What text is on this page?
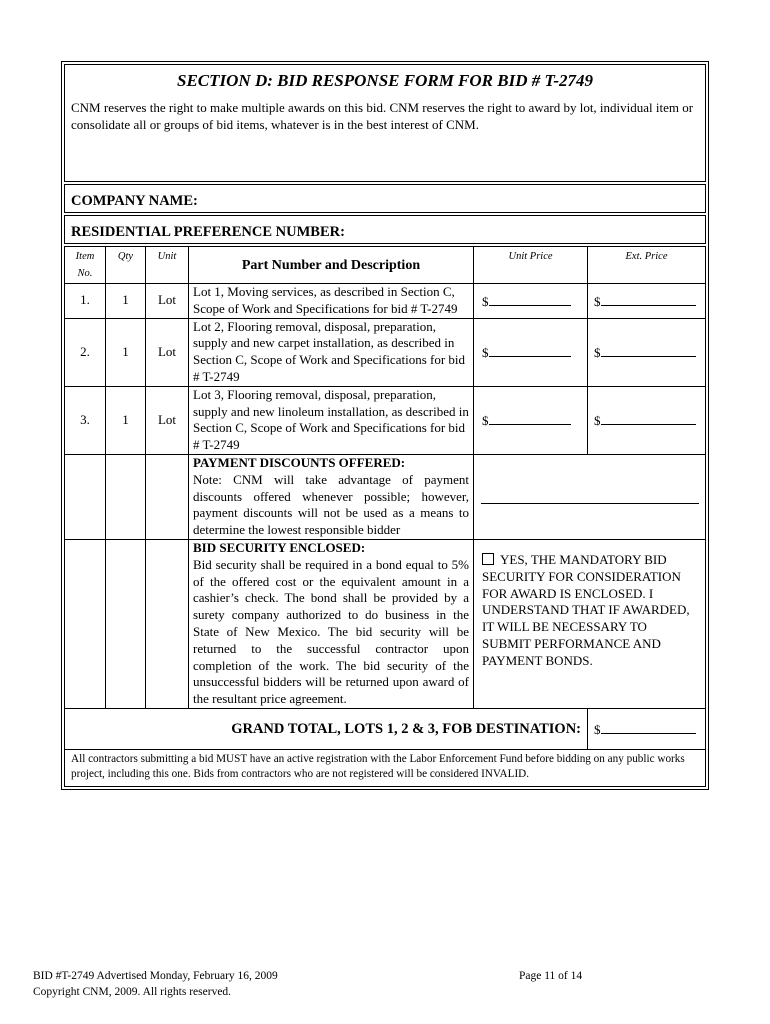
SECTION D: BID RESPONSE FORM FOR BID # T-2749
CNM reserves the right to make multiple awards on this bid. CNM reserves the right to award by lot, individual item or consolidate all or groups of bid items, whatever is in the best interest of CNM.
COMPANY NAME:
RESIDENTIAL PREFERENCE NUMBER:
Item No.	Qty	Unit	Part Number and Description	Unit Price	Ext. Price
1.	1	Lot	Lot 1, Moving services, as described in Section C, Scope of Work and Specifications for bid # T-2749	$	$
2.	1	Lot	Lot 2, Flooring removal, disposal, preparation, supply and new carpet installation, as described in Section C, Scope of Work and Specifications for bid # T-2749	$	$
3.	1	Lot	Lot 3, Flooring removal, disposal, preparation, supply and new linoleum installation, as described in Section C, Scope of Work and Specifications for bid # T-2749	$	$

			PAYMENT DISCOUNTS OFFERED:
Note: CNM will take advantage of payment discounts offered whenever possible; however, payment discounts will not be used as a means to determine the lowest responsible bidder		

			BID SECURITY ENCLOSED:
Bid security shall be required in a bond equal to 5% of the offered cost or the equivalent amount in a cashier’s check. The bond shall be provided by a surety company authorized to do business in the State of New Mexico. The bid security will be returned to the successful contractor upon completion of the work. The bid security of the unsuccessful bidders will be returned upon award of the resultant price agreement.	YES, THE MANDATORY BID SECURITY FOR CONSIDERATION FOR AWARD IS ENCLOSED. I UNDERSTAND THAT IF AWARDED, IT WILL BE NECESSARY TO SUBMIT PERFORMANCE AND PAYMENT BONDS.	
GRAND TOTAL, LOTS 1, 2 & 3, FOB DESTINATION:					$
All contractors submitting a bid MUST have an active registration with the Labor Enforcement Fund before bidding on any public works project, including this one. Bids from contractors who are not registered will be considered INVALID.
BID #T-2749 Advertised Monday, February 16, 2009
Copyright CNM, 2009. All rights reserved.
Page 11 of 14
